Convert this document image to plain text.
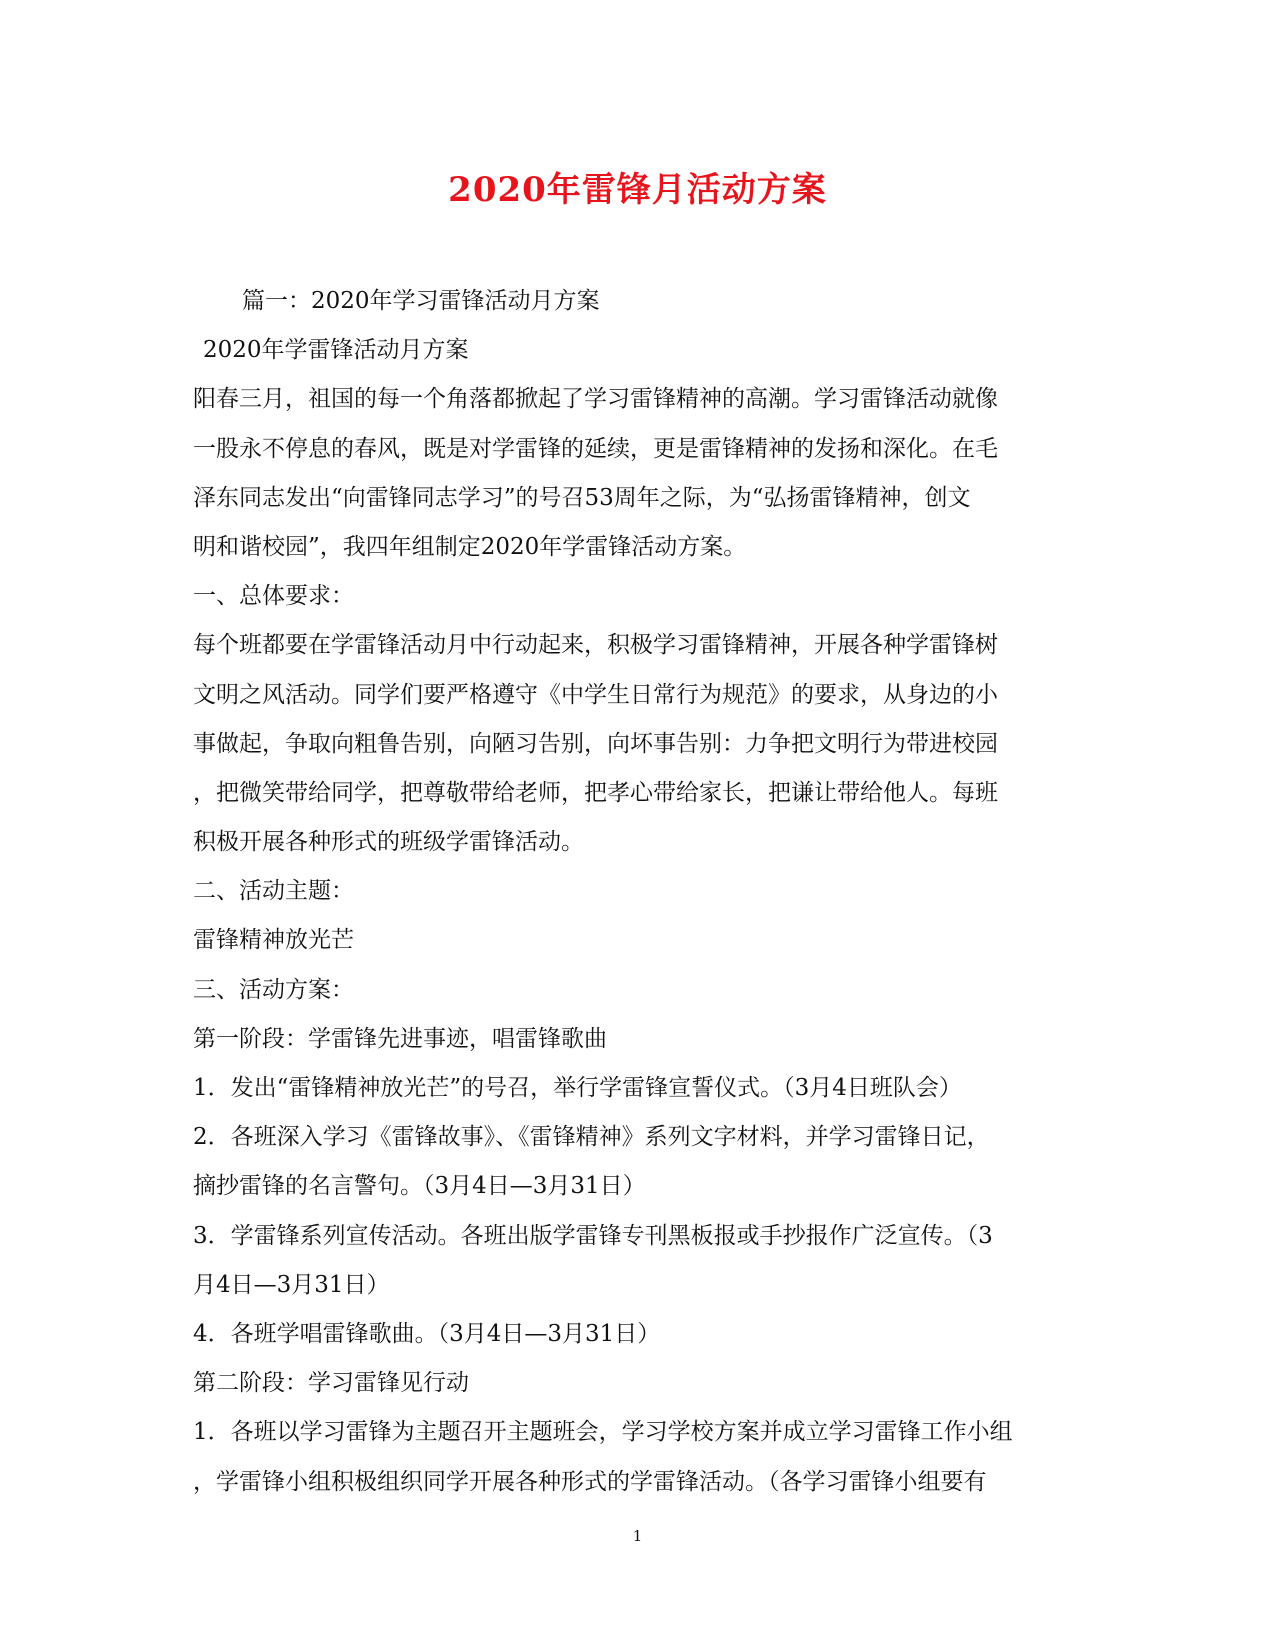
2020年雷锋月活动方案
篇一：2020年学习雷锋活动月方案
2020年学雷锋活动月方案
阳春三月，祖国的每一个角落都掀起了学习雷锋精神的高潮。学习雷锋活动就像
一股永不停息的春风，既是对学雷锋的延续，更是雷锋精神的发扬和深化。在毛
泽东同志发出“向雷锋同志学习”的号召53周年之际，为“弘扬雷锋精神，创文
明和谐校园”，我四年组制定2020年学雷锋活动方案。
一、总体要求：
每个班都要在学雷锋活动月中行动起来，积极学习雷锋精神，开展各种学雷锋树
文明之风活动。同学们要严格遵守《中学生日常行为规范》的要求，从身边的小
事做起，争取向粗鲁告别，向陋习告别，向坏事告别：力争把文明行为带进校园
，把微笑带给同学，把尊敬带给老师，把孝心带给家长，把谦让带给他人。每班
积极开展各种形式的班级学雷锋活动。
二、活动主题：
雷锋精神放光芒
三、活动方案：
第一阶段：学雷锋先进事迹，唱雷锋歌曲
1．发出“雷锋精神放光芒”的号召，举行学雷锋宣誓仪式。（3月4日班队会）
2．各班深入学习《雷锋故事》、《雷锋精神》系列文字材料，并学习雷锋日记，
摘抄雷锋的名言警句。（3月4日—3月31日）
3．学雷锋系列宣传活动。各班出版学雷锋专刊黑板报或手抄报作广泛宣传。（3
月4日—3月31日）
4．各班学唱雷锋歌曲。（3月4日—3月31日）
第二阶段：学习雷锋见行动
1．各班以学习雷锋为主题召开主题班会，学习学校方案并成立学习雷锋工作小组
，学雷锋小组积极组织同学开展各种形式的学雷锋活动。（各学习雷锋小组要有
1
